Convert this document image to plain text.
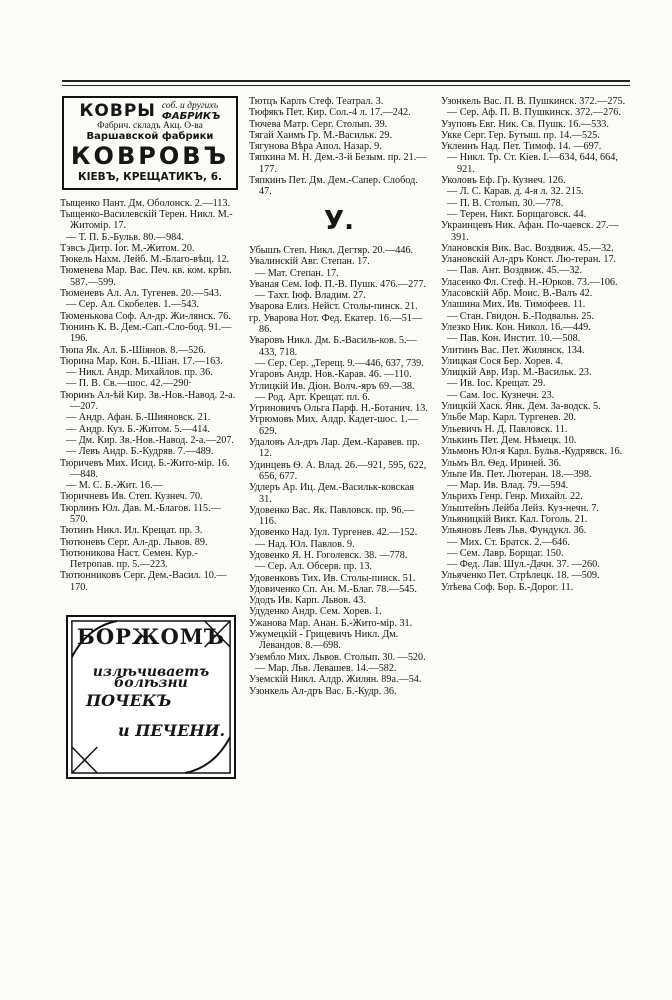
КОВРЫ соб. и другихъ
ФАБРИКЪ
Фабрич. складъ Акц. О-ва
Варшавской фабрики
КОВРОВЪ
КІЕВЪ, КРЕЩАТИКЪ, 6.
Тыщенко Пант. Дм. Оболонск. 2.—113.
Тыщенко-Василевскій Терен. Никл. М.-Житомір. 17.
— Т. П. Б.-Бульв. 80.—984.
Тэвсъ Дитр. Іог. М.-Житом. 20.
Тюкель Нахм. Лейб. М.-Благо-вѣщ. 12.
Тюменева Мар. Вас. Печ. кв. ком. крѣп. 587.—599.
Тюменевъ Ал. Ал. Тугенев. 20.—543.
— Сер. Ал. Скобелев. 1.—543.
Тюменькова Соф. Ал-др. Жи-лянск. 76.
Тюнинъ К. В. Дем.-Сап.-Сло-бод. 91.—196.
Тюпа Як. Ал. Б.-Шіянов. 8.—526.
Тюрина Мар. Кон. Б.-Шіан. 17.—163.
— Никл. Андр. Михайлов. пр. 36.
— П. В. Св.—шос. 42.—290·
Тюринъ Ал-ѣй Кир. Зв.-Нов.-Навод. 2-а.—207.
— Андр. Афан. Б.-Шияновск. 21.
— Андр. Куз. Б.-Житом. 5.—414.
— Дм. Кир. Зв.-Нов.-Навод. 2-а.—207.
— Левъ Андр. Б.-Кудряв. 7.—489.
Тюричевъ Мих. Исид. Б.-Жито-мір. 16.—848.
— М. С. Б.-Жит. 16.—
Тюричневъ Ив. Степ. Кузнеч. 70.
Тюрлинъ Юл. Дав. М.-Благов. 115.—570.
Тютинъ Никл. Ил. Крещат. пр. 3.
Тютюневъ Серг. Ал-др. Львов. 89.
Тютюникова Наст. Семен. Кур.-Петропав. пр. 5.—223.
Тютюнниковъ Серг. Дем.-Васил. 10.—170.
БОРЖОМЪ
излѣчиваетъ болѣзни
ПОЧЕКЪ
и ПЕЧЕНИ.
Тютцъ Карлъ Стеф. Театрал. 3.
Тюфякъ Пет. Кир. Сол.-4 л. 17.—242.
Тючева Матр. Серг. Столып. 39.
Тягай Хаимъ Гр. М.-Васильк. 29.
Тягунова Вѣра Апол. Назар. 9.
Тяпкина М. Н. Дем.-3-й Безым. пр. 21.—177.
Тяпкинъ Пет. Дм. Дем.-Сапер. Слобод. 47.
У.
Убышъ Степ. Никл. Дегтяр. 20.—446.
Увалинскій Авг. Степан. 17.
— Мат. Степан. 17.
Уваная Сем. Іоф. П.-В. Пушк. 476.—277.
— Тахт. Іюф. Владим. 27.
Уварова Елиз. Нейст. Столы-пинск. 21.
гр. Уварова Нот. Фед. Екатер. 16.—51—86.
Уваровъ Никл. Дм. Б.-Василь-ков. 5.—433, 718.
— Сер. Сер. „Терещ. 9.—446, 637, 739.
Угаровъ Андр. Нов.-Карав. 46. —110.
Углицкій Ив. Діон. Волч.-яръ 69.—38.
— Род. Арт. Крещат. пл. 6.
Угриновичъ Ольга Парф. Н.-Ботанич. 13.
Угрюмовъ Мих. Алдр. Кадет-шос. 1.—629.
Удаловъ Ал-дръ Лар. Дем.-Каравев. пр. 12.
Удинцевъ Ѳ. А. Влад. 26.—921, 595, 622, 656, 677.
Удлеръ Ар. Иц. Дем.-Васильк-ковская 31.
Удовенко Вас. Як. Павловск. пр. 96.—116.
Удовенко Над. Іул. Тургенев. 42.—152.
— Над. Юл. Павлов. 9.
Удовенко Я. Н. Гоголевск. 38. —778.
— Сер. Ал. Обсерв. пр. 13.
Удовенковъ Тих. Ив. Столы-пинск. 51.
Удовиченко Сп. Ан. М.-Благ. 78.—545.
Удодъ Ив. Карп. Львов. 43.
Удуденко Андр. Сем. Хорев. 1.
Ужанова Мар. Анан. Б.-Жито-мір. 31.
Ужумецкій - Грицевичъ Никл. Дм. Левандов. 8.—698.
Уземблo Мих. Львов. Столып. 30. —520.
— Мар. Льв. Левашев. 14.—582.
Уземскій Никл. Алдр. Жилян. 89а.—54.
Узонкель Ал-дръ Вас. Б.-Кудр. 36.
Узонкель Вас. П. В. Пушкинск. 372.—275.
— Сер. Аф. П. В. Пушкинск. 372.—276.
Узуповъ Евг. Ник. Св. Пушк. 16.—533.
Укке Серг. Гер. Бутыш. пр. 14.—525.
Уклеинъ Над. Пет. Тимоф. 14. —697.
— Никл. Тр. Ст. Кіев. I.—634, 644, 664, 921.
Уколовъ Еф. Гр. Кузнеч. 126.
— Л. С. Карав. д. 4-я л. 32. 215.
— П. В. Столып. 30.—778.
— Терен. Никт. Борщаговск. 44.
Украинцевъ Ник. Афан. По-чаевск. 27.—391.
Улановскія Вик. Вас. Воздвиж. 45.—32.
Улановскій Ал-дръ Конст. Лю-теран. 17.
— Пав. Ант. Воздвиж. 45.—32.
Уласенко Фл. Стеф. Н.-Юрков. 73.—106.
Уласовскій Абр. Моис. В.-Валъ 42.
Улашина Мих. Ив. Тимофеев. 11.
— Стан. Гвидон. Б.-Подвальн. 25.
Улезко Ник. Кон. Никол. 16.—449.
— Пав. Кон. Инстит. 10.—508.
Улитинъ Вас. Пет. Жилянск. 134.
Улицкая Сося Бер. Хорев. 4.
Улицкій Авр. Изр. М.-Васильк. 23.
— Ив. Іос. Крещат. 29.
— Сам. Іос. Кузнечн. 23.
Улицкій Хаск. Янк. Дем. За-водск. 5.
Ульбе Мар. Карл. Тургенев. 20.
Ульевичъ Н. Д. Павловск. 11.
Улькинъ Пет. Дем. Нѣмецк. 10.
Ульмонъ Юл-я Карл. Бульв.-Кудрявск. 16.
Ульмъ Вл. Ѳед. Ириней. 36.
Ульпе Ив. Пет. Лютеран. 18.—398.
— Мар. Ив. Влад. 79.—594.
Ульрихъ Генр. Генр. Михайл. 22.
Ульштейнъ Лейба Лейз. Куз-нечн. 7.
Ульяницкій Викт. Кал. Гоголь. 21.
Ульяновъ Левъ Льв. Фундукл. 36.
— Мих. Ст. Братск. 2.—646.
— Сем. Лавр. Борщаг. 150.
— Фед. Лав. Шул.-Дачн. 37. —260.
Ульяченко Пет. Стрѣлецк. 18. —509.
Улѣева Соф. Бор. Б.-Дорог. 11.
